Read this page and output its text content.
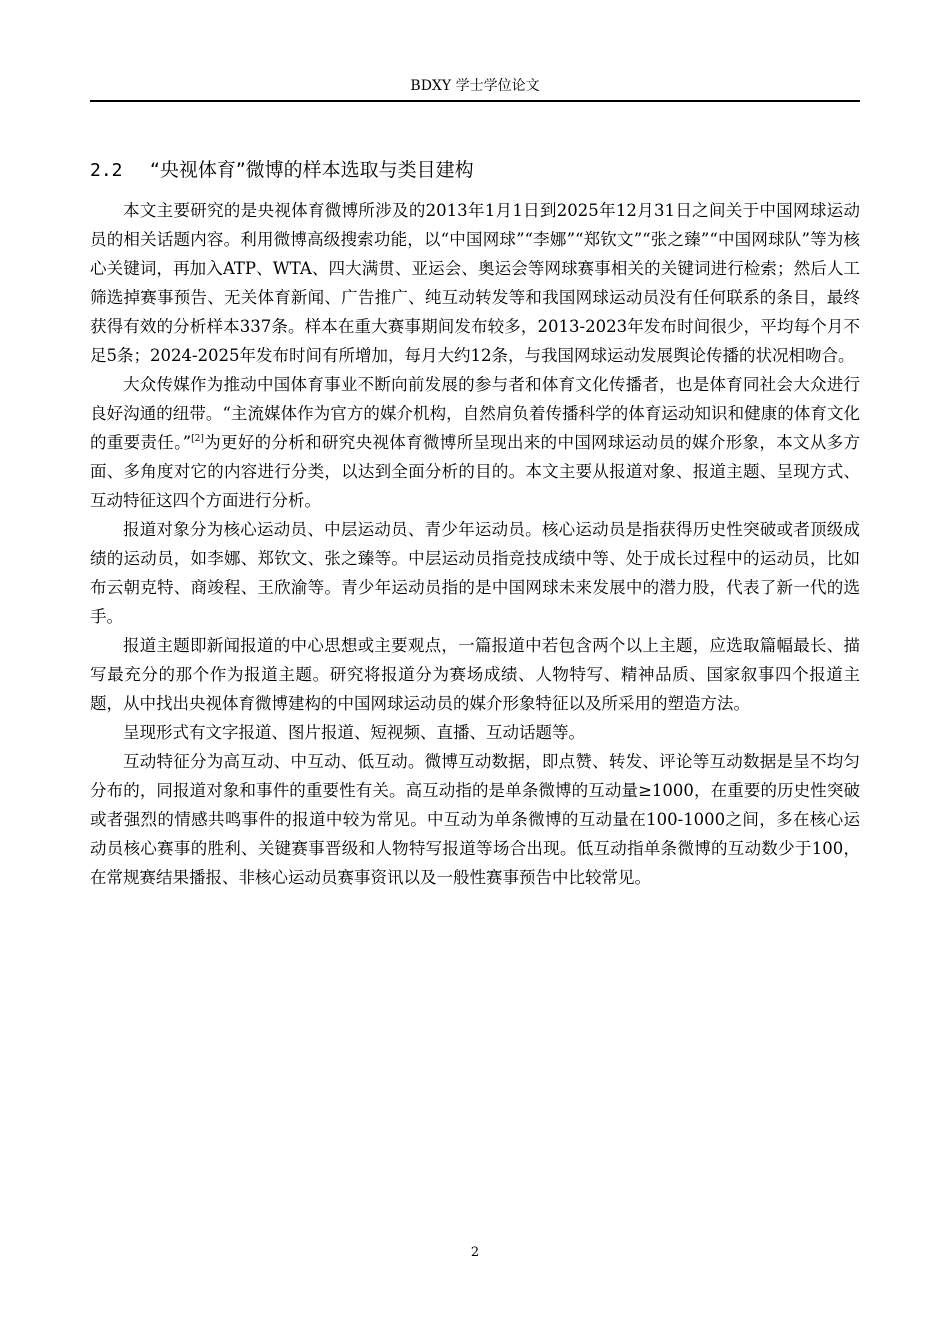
BDXY 学士学位论文
2.2 “央视体育”微博的样本选取与类目建构

本文主要研究的是央视体育微博所涉及的2013年1月1日到2025年12月31日之间关于中国网球运动员的相关话题内容。利用微博高级搜索功能，以“中国网球”“李娜”“郑钦文”“张之臻”“中国网球队”等为核心关键词，再加入ATP、WTA、四大满贯、亚运会、奥运会等网球赛事相关的关键词进行检索；然后人工筛选掉赛事预告、无关体育新闻、广告推广、纯互动转发等和我国网球运动员没有任何联系的条目，最终获得有效的分析样本337条。样本在重大赛事期间发布较多，2013-2023年发布时间很少，平均每个月不足5条；2024-2025年发布时间有所增加，每月大约12条，与我国网球运动发展舆论传播的状况相吻合。

大众传媒作为推动中国体育事业不断向前发展的参与者和体育文化传播者，也是体育同社会大众进行良好沟通的纽带。“主流媒体作为官方的媒介机构，自然肩负着传播科学的体育运动知识和健康的体育文化的重要责任。”[2]为更好的分析和研究央视体育微博所呈现出来的中国网球运动员的媒介形象，本文从多方面、多角度对它的内容进行分类，以达到全面分析的目的。本文主要从报道对象、报道主题、呈现方式、互动特征这四个方面进行分析。

报道对象分为核心运动员、中层运动员、青少年运动员。核心运动员是指获得历史性突破或者顶级成绩的运动员，如李娜、郑钦文、张之臻等。中层运动员指竞技成绩中等、处于成长过程中的运动员，比如布云朝克特、商竣程、王欣渝等。青少年运动员指的是中国网球未来发展中的潜力股，代表了新一代的选手。

报道主题即新闻报道的中心思想或主要观点，一篇报道中若包含两个以上主题，应选取篇幅最长、描写最充分的那个作为报道主题。研究将报道分为赛场成绩、人物特写、精神品质、国家叙事四个报道主题，从中找出央视体育微博建构的中国网球运动员的媒介形象特征以及所采用的塑造方法。

呈现形式有文字报道、图片报道、短视频、直播、互动话题等。

互动特征分为高互动、中互动、低互动。微博互动数据，即点赞、转发、评论等互动数据是呈不均匀分布的，同报道对象和事件的重要性有关。高互动指的是单条微博的互动量≥1000，在重要的历史性突破或者强烈的情感共鸣事件的报道中较为常见。中互动为单条微博的互动量在100-1000之间，多在核心运动员核心赛事的胜利、关键赛事晋级和人物特写报道等场合出现。低互动指单条微博的互动数少于100，在常规赛结果播报、非核心运动员赛事资讯以及一般性赛事预告中比较常见。

2
